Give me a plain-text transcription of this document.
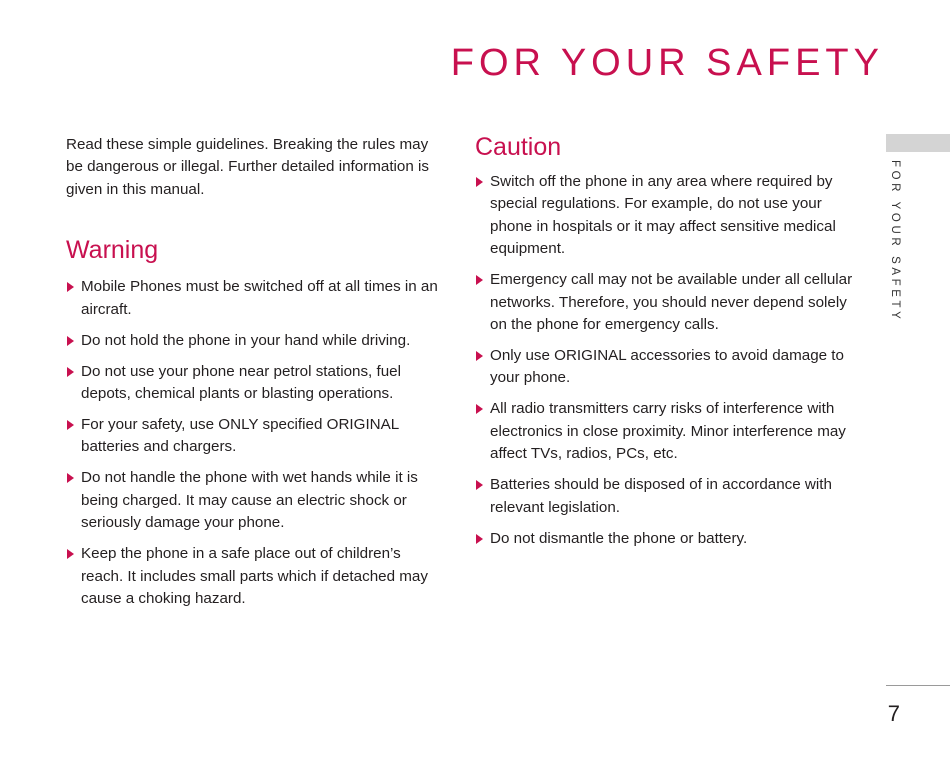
FOR YOUR SAFETY
FOR YOUR SAFETY

Read these simple guidelines. Breaking the rules may be dangerous or illegal. Further detailed information is given in this manual.

Warning
Mobile Phones must be switched off at all times in an aircraft.
Do not hold the phone in your hand while driving.
Do not use your phone near petrol stations, fuel depots, chemical plants or blasting operations.
For your safety, use ONLY specified ORIGINAL batteries and chargers.
Do not handle the phone with wet hands while it is being charged. It may cause an electric shock or seriously damage your phone.
Keep the phone in a safe place out of children’s reach. It includes small parts which if detached may cause a choking hazard.
Caution
Switch off the phone in any area where required by special regulations. For example, do not use your phone in hospitals or it may affect sensitive medical equipment.
Emergency call may not be available under all cellular networks. Therefore, you should never depend solely on the phone for emergency calls.
Only use ORIGINAL accessories to avoid damage to your phone.
All radio transmitters carry risks of interference with electronics in close proximity. Minor interference may affect TVs, radios, PCs, etc.
Batteries should be disposed of in accordance with relevant legislation.
Do not dismantle the phone or battery.
7
